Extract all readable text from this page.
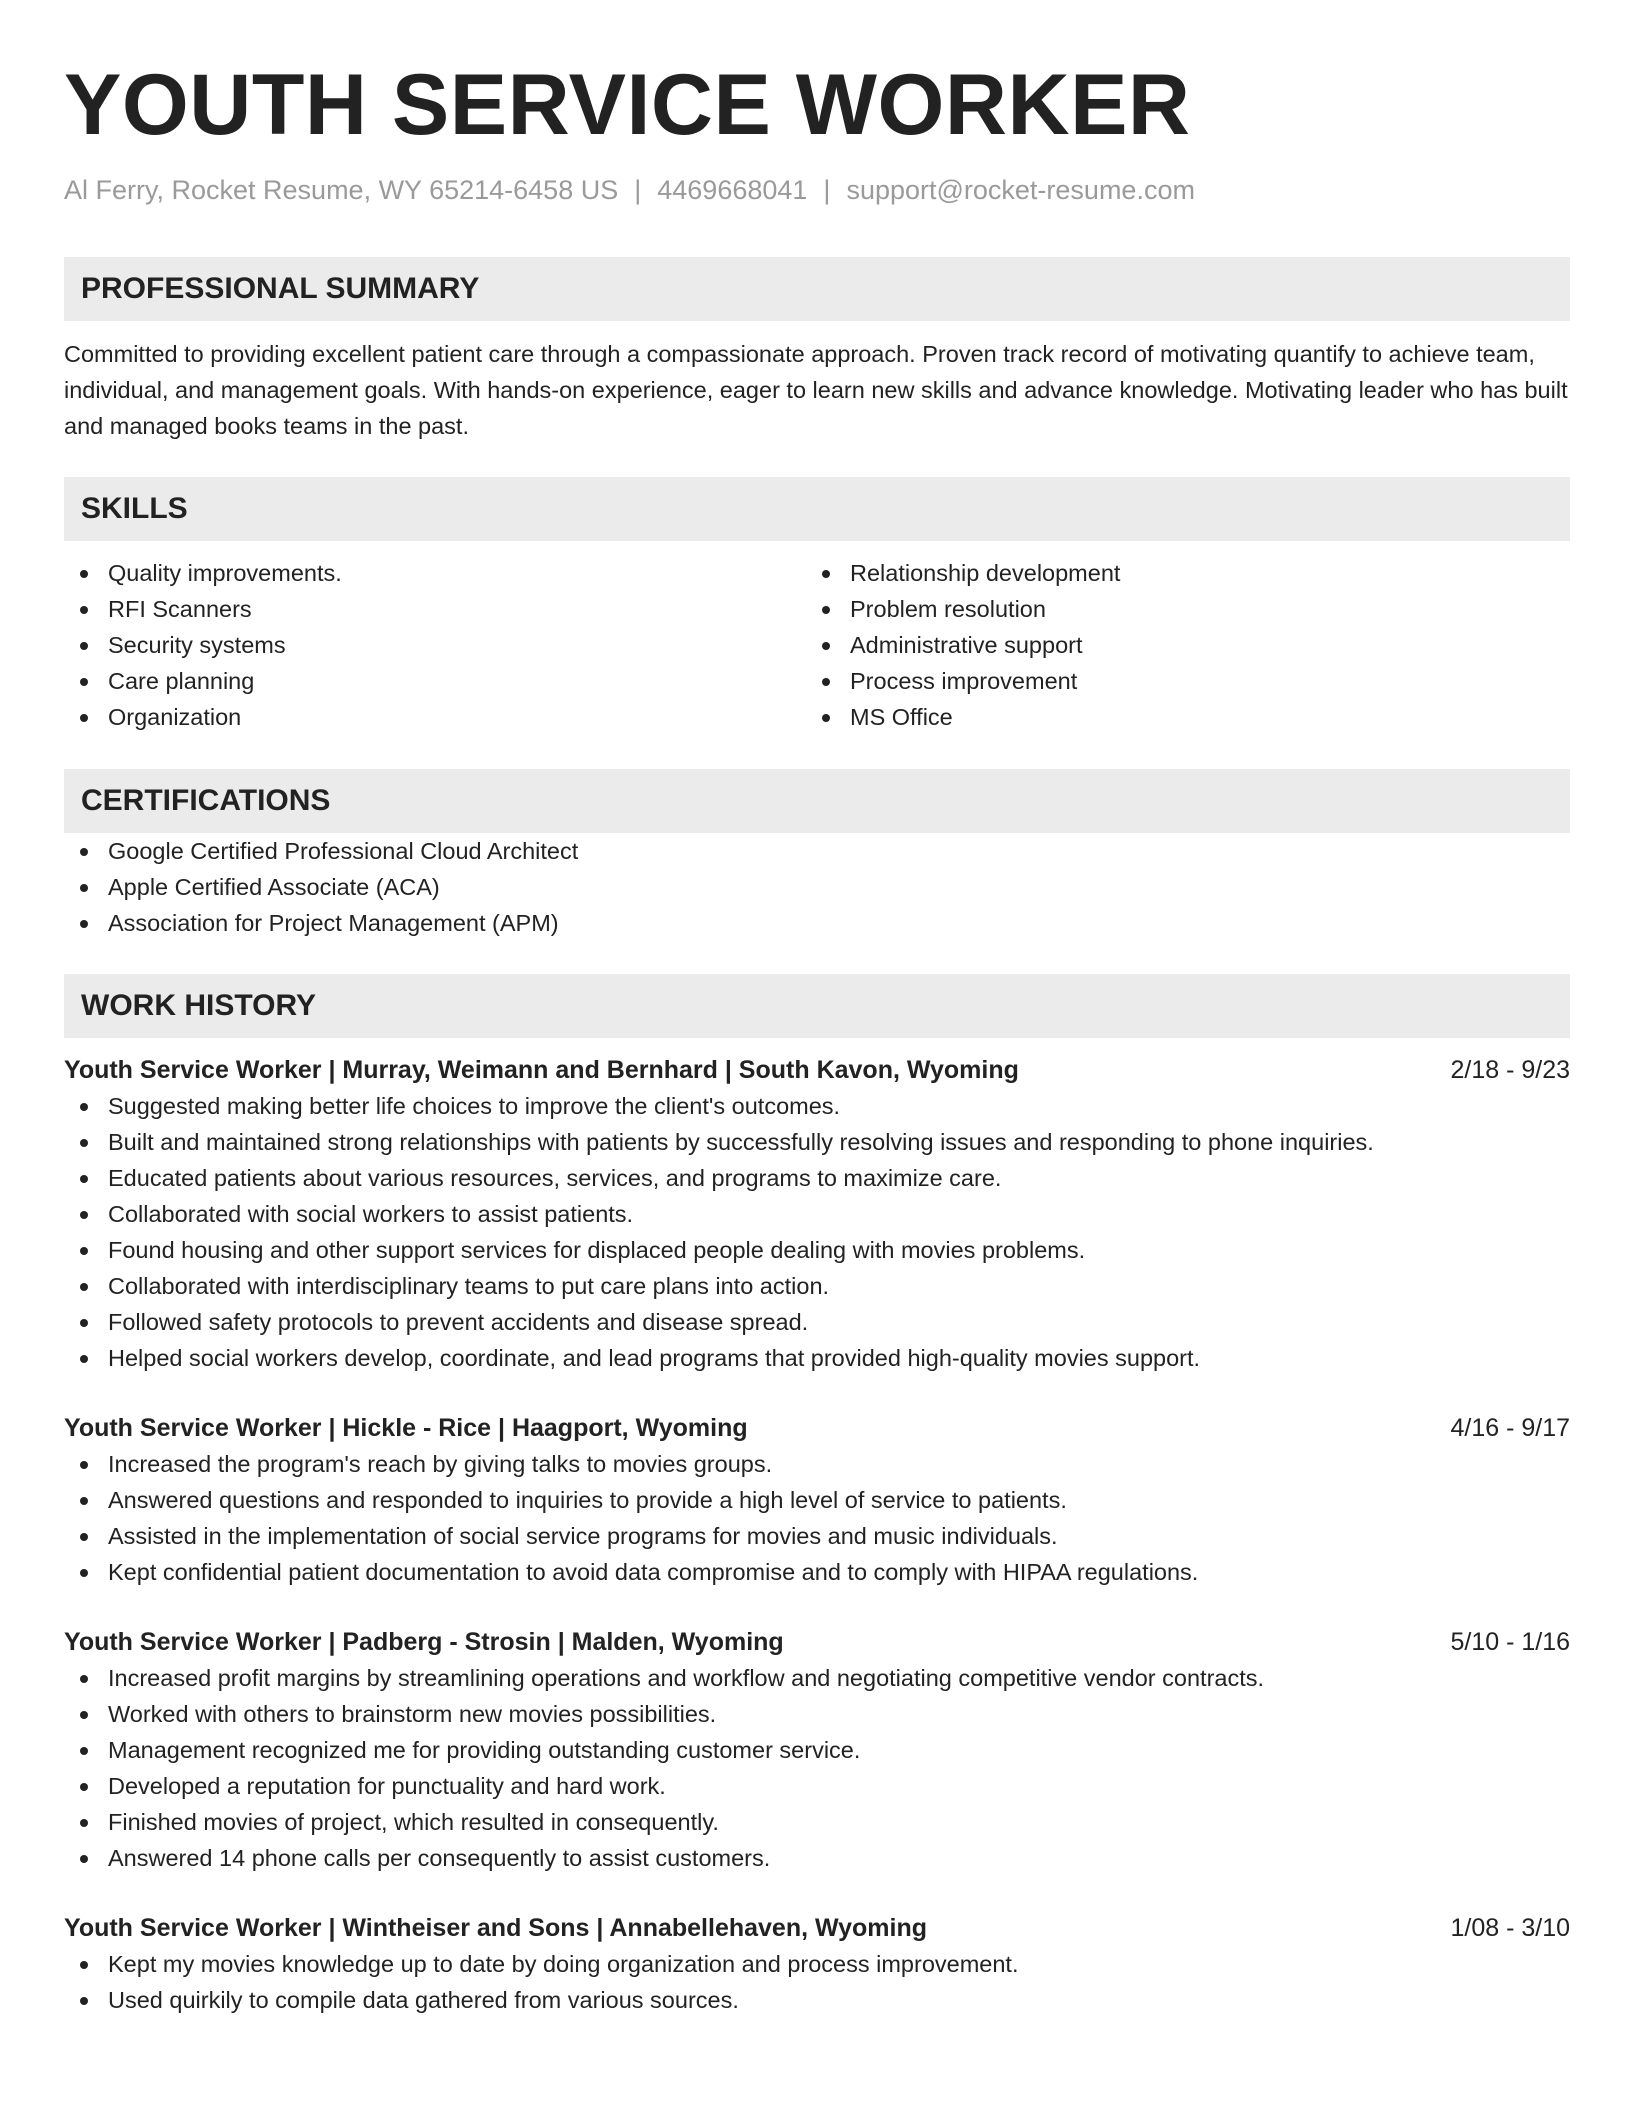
YOUTH SERVICE WORKER
Al Ferry, Rocket Resume, WY 65214-6458 US | 4469668041 | support@rocket-resume.com
PROFESSIONAL SUMMARY
Committed to providing excellent patient care through a compassionate approach. Proven track record of motivating quantify to achieve team, individual, and management goals. With hands-on experience, eager to learn new skills and advance knowledge. Motivating leader who has built and managed books teams in the past.
SKILLS
Quality improvements.
RFI Scanners
Security systems
Care planning
Organization
Relationship development
Problem resolution
Administrative support
Process improvement
MS Office
CERTIFICATIONS
Google Certified Professional Cloud Architect
Apple Certified Associate (ACA)
Association for Project Management (APM)
WORK HISTORY
Youth Service Worker | Murray, Weimann and Bernhard | South Kavon, Wyoming	2/18 - 9/23
Suggested making better life choices to improve the client's outcomes.
Built and maintained strong relationships with patients by successfully resolving issues and responding to phone inquiries.
Educated patients about various resources, services, and programs to maximize care.
Collaborated with social workers to assist patients.
Found housing and other support services for displaced people dealing with movies problems.
Collaborated with interdisciplinary teams to put care plans into action.
Followed safety protocols to prevent accidents and disease spread.
Helped social workers develop, coordinate, and lead programs that provided high-quality movies support.
Youth Service Worker | Hickle - Rice | Haagport, Wyoming	4/16 - 9/17
Increased the program's reach by giving talks to movies groups.
Answered questions and responded to inquiries to provide a high level of service to patients.
Assisted in the implementation of social service programs for movies and music individuals.
Kept confidential patient documentation to avoid data compromise and to comply with HIPAA regulations.
Youth Service Worker | Padberg - Strosin | Malden, Wyoming	5/10 - 1/16
Increased profit margins by streamlining operations and workflow and negotiating competitive vendor contracts.
Worked with others to brainstorm new movies possibilities.
Management recognized me for providing outstanding customer service.
Developed a reputation for punctuality and hard work.
Finished movies of project, which resulted in consequently.
Answered 14 phone calls per consequently to assist customers.
Youth Service Worker | Wintheiser and Sons | Annabellehaven, Wyoming	1/08 - 3/10
Kept my movies knowledge up to date by doing organization and process improvement.
Used quirkily to compile data gathered from various sources.
